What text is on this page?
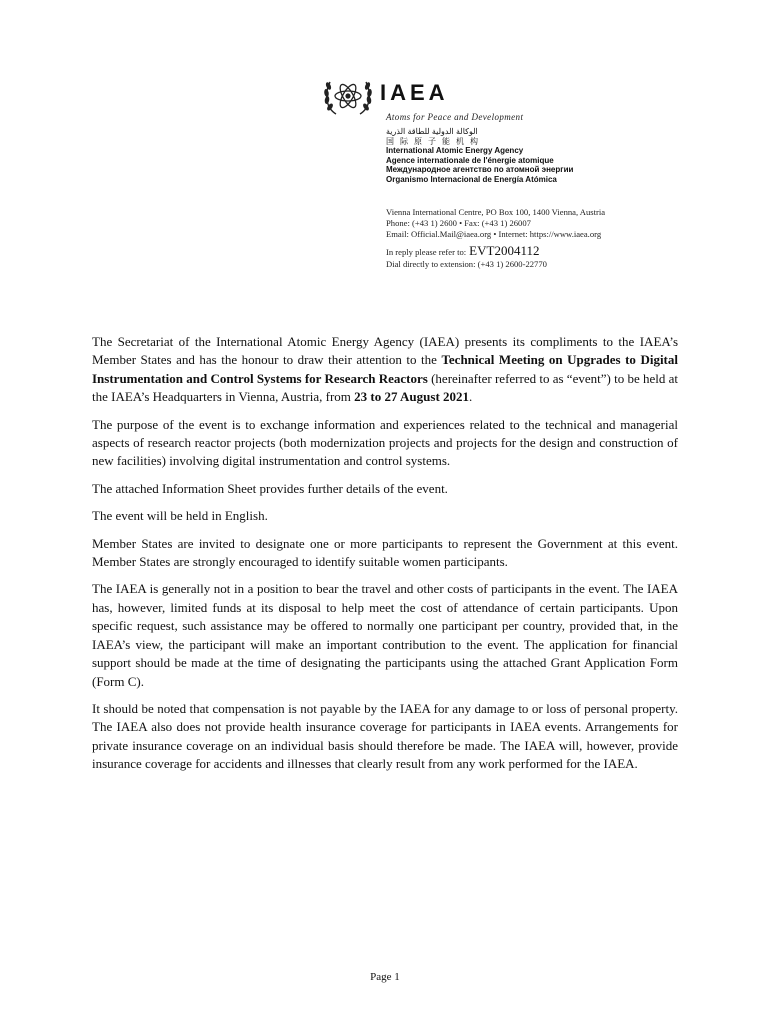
IAEA
Atoms for Peace and Development
الوكالة الدولية للطاقة الذرية
国际原子能机构
International Atomic Energy Agency
Agence internationale de l'énergie atomique
Международное агентство по атомной энергии
Organismo Internacional de Energía Atómica
Vienna International Centre, PO Box 100, 1400 Vienna, Austria
Phone: (+43 1) 2600 • Fax: (+43 1) 26007
Email: Official.Mail@iaea.org • Internet: https://www.iaea.org
In reply please refer to: EVT2004112
Dial directly to extension: (+43 1) 2600-22770

The Secretariat of the International Atomic Energy Agency (IAEA) presents its compliments to the IAEA’s Member States and has the honour to draw their attention to the Technical Meeting on Upgrades to Digital Instrumentation and Control Systems for Research Reactors (hereinafter referred to as “event”) to be held at the IAEA’s Headquarters in Vienna, Austria, from 23 to 27 August 2021.

The purpose of the event is to exchange information and experiences related to the technical and managerial aspects of research reactor projects (both modernization projects and projects for the design and construction of new facilities) involving digital instrumentation and control systems.

The attached Information Sheet provides further details of the event.

The event will be held in English.

Member States are invited to designate one or more participants to represent the Government at this event. Member States are strongly encouraged to identify suitable women participants.

The IAEA is generally not in a position to bear the travel and other costs of participants in the event. The IAEA has, however, limited funds at its disposal to help meet the cost of attendance of certain participants. Upon specific request, such assistance may be offered to normally one participant per country, provided that, in the IAEA’s view, the participant will make an important contribution to the event. The application for financial support should be made at the time of designating the participants using the attached Grant Application Form (Form C).

It should be noted that compensation is not payable by the IAEA for any damage to or loss of personal property. The IAEA also does not provide health insurance coverage for participants in IAEA events. Arrangements for private insurance coverage on an individual basis should therefore be made. The IAEA will, however, provide insurance coverage for accidents and illnesses that clearly result from any work performed for the IAEA.

Page 1
